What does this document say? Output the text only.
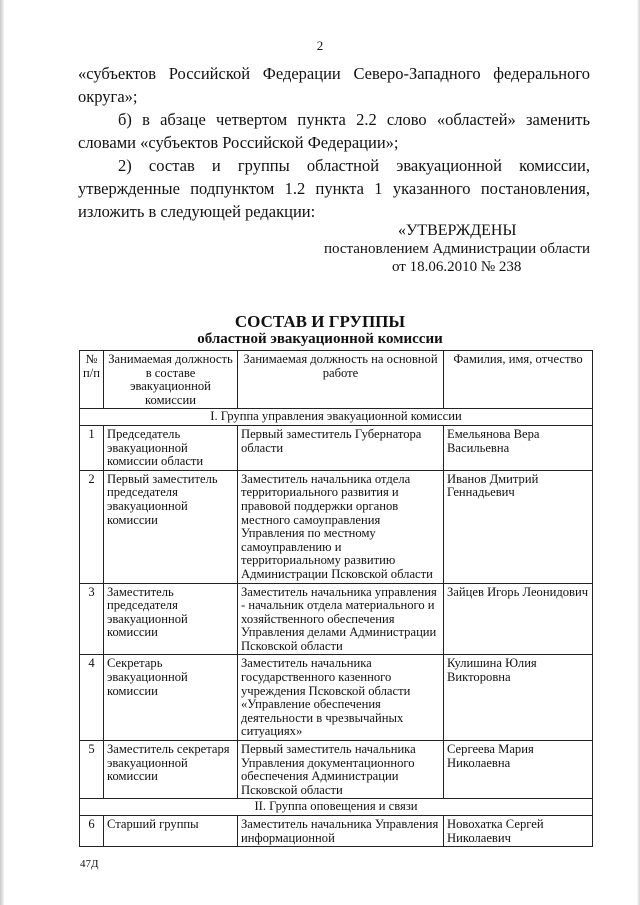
2
«субъектов Российской Федерации Северо-Западного федерального округа»;
б) в абзаце четвертом пункта 2.2 слово «областей» заменить словами «субъектов Российской Федерации»;
2) состав и группы областной эвакуационной комиссии, утвержденные подпунктом 1.2 пункта 1 указанного постановления, изложить в следующей редакции:
«УТВЕРЖДЕНЫ
постановлением Администрации области
от 18.06.2010 № 238
СОСТАВ И ГРУППЫ
областной эвакуационной комиссии
№ п/п	Занимаемая должность в составе эвакуационной комиссии	Занимаемая должность на основной работе	Фамилия, имя, отчество
I. Группа управления эвакуационной комиссии			
1	Председатель эвакуационной комиссии области	Первый заместитель Губернатора области	Емельянова Вера Васильевна
2	Первый заместитель председателя эвакуационной комиссии	Заместитель начальника отдела территориального развития и правовой поддержки органов местного самоуправления Управления по местному самоуправлению и территориальному развитию Администрации Псковской области	Иванов Дмитрий Геннадьевич
3	Заместитель председателя эвакуационной комиссии	Заместитель начальника управления - начальник отдела материального и хозяйственного обеспечения Управления делами Администрации Псковской области	Зайцев Игорь Леонидович
4	Секретарь эвакуационной комиссии	Заместитель начальника государственного казенного учреждения Псковской области «Управление обеспечения деятельности в чрезвычайных ситуациях»	Кулишина Юлия Викторовна
5	Заместитель секретаря эвакуационной комиссии	Первый заместитель начальника Управления документационного обеспечения Администрации Псковской области	Сергеева Мария Николаевна
II. Группа оповещения и связи			
6	Старший группы	Заместитель начальника Управления информационной	Новохатка Сергей Николаевич
47Д
